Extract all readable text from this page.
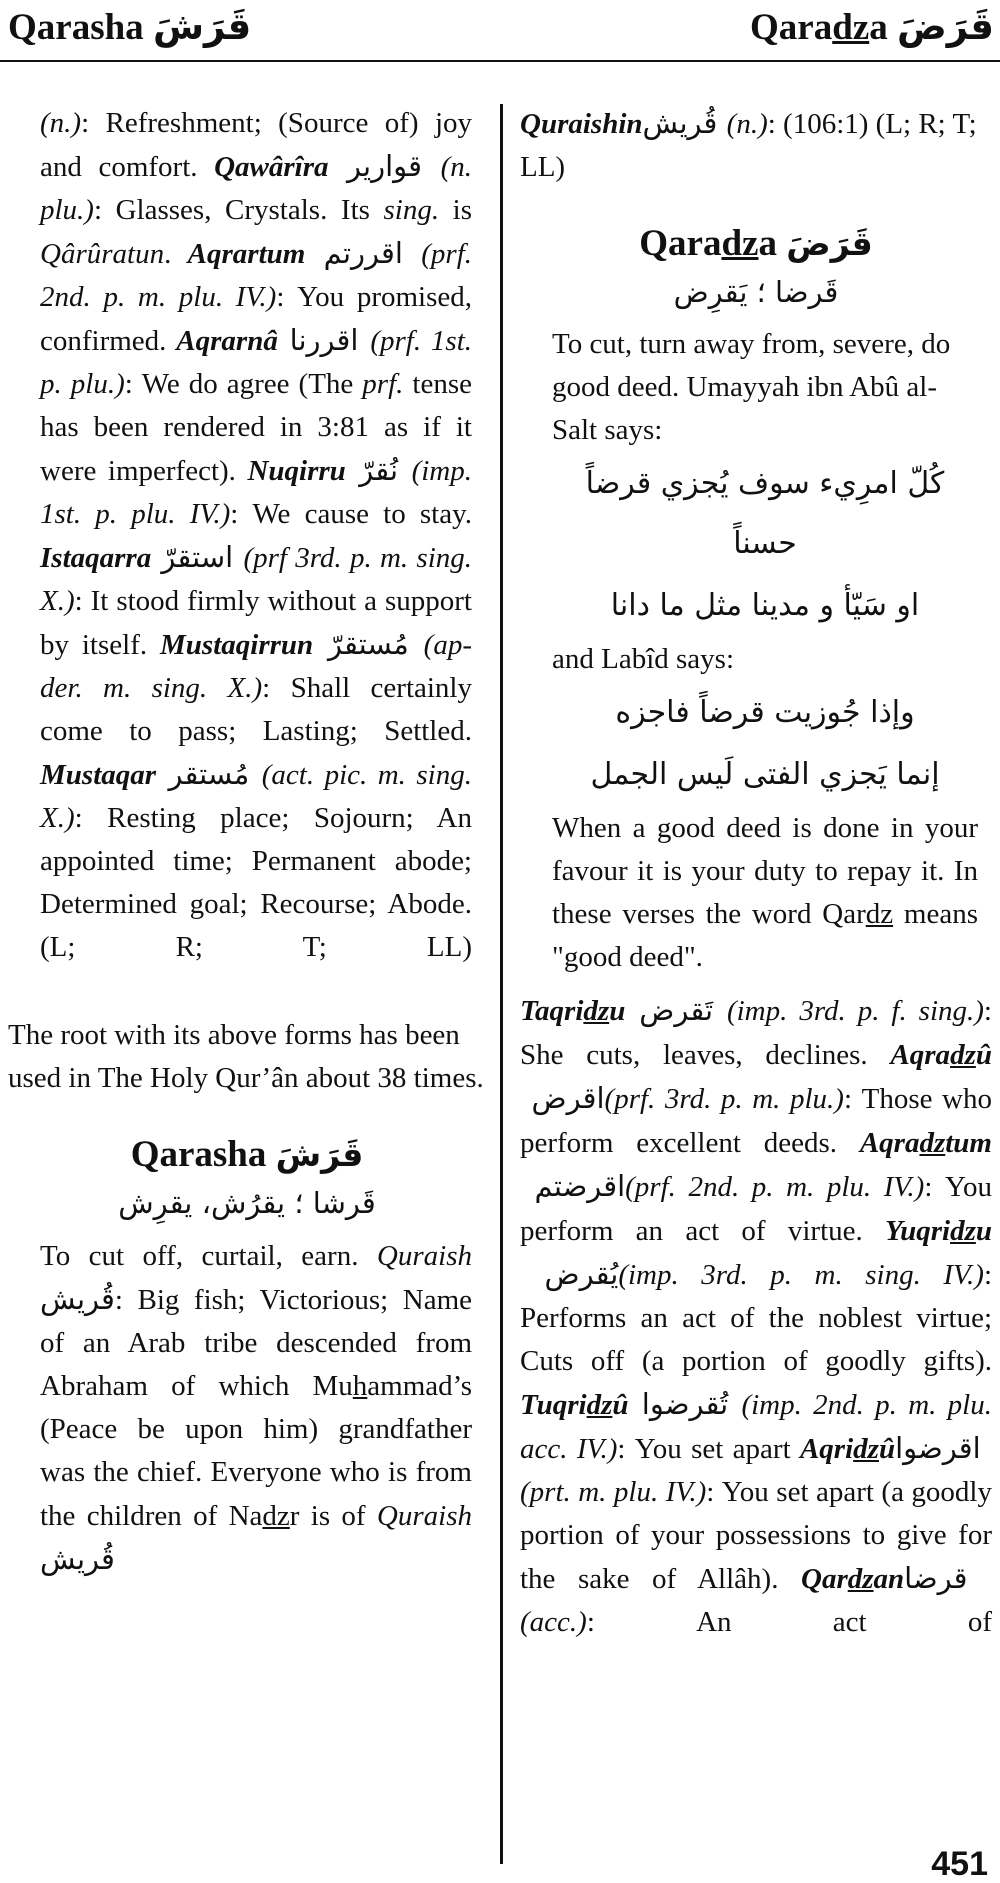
Qarasha قَرَشَ	Qaradza قَرَضَ

(n.): Refreshment; (Source of) joy and comfort. Qawârîra قوارير (n. plu.): Glasses, Crystals. Its sing. is Qârûratun. Aqrartum اقررتم (prf. 2nd. p. m. plu. IV.): You promised, confirmed. Aqrarnâ اقررنا (prf. 1st. p. plu.): We do agree (The prf. tense has been rendered in 3:81 as if it were imperfect). Nuqirru نُقرّ (imp. 1st. p. plu. IV.): We cause to stay. Istaqarra استقرّ (prf 3rd. p. m. sing. X.): It stood firmly without a support by itself. Mustaqirrun مُستقرّ (ap-der. m. sing. X.): Shall certainly come to pass; Lasting; Settled. Mustaqar مُستقر (act. pic. m. sing. X.): Resting place; Sojourn; An appointed time; Permanent abode; Determined goal; Recourse; Abode. (L; R; T; LL)

The root with its above forms has been used in The Holy Qur’ân about 38 times.

Qarasha قَرَشَ
قَرشا ؛ يقرُش، يقرِش

To cut off, curtail, earn. Quraish قُريش: Big fish; Victorious; Name of an Arab tribe descended from Abraham of which Muhammad’s (Peace be upon him) grandfather was the chief. Everyone who is from the children of Nadzr is of Quraish قُريش

Quraishin قُريش(n.): (106:1) (L; R; T; LL)

Qaradza قَرَضَ
قَرضا ؛ يَقرِض

To cut, turn away from, severe, do good deed. Umayyah ibn Abû al-Salt says:

كُلّ امرِيء سوف يُجزي قرضاً حسناً
او سَيّأ و مدينا مثل ما دانا

and Labîd says:

وإذا جُوزيت قرضاً فاجزه
إنما يَجزي الفتى لَيس الجمل

When a good deed is done in your favour it is your duty to repay it. In these verses the word Qardz means "good deed".

Taqridzu تَقرض (imp. 3rd. p. f. sing.): She cuts, leaves, declines. Aqradzû اقرض (prf. 3rd. p. m. plu.): Those who perform excellent deeds. Aqradztum اقرضتم (prf. 2nd. p. m. plu. IV.): You perform an act of virtue. Yuqridzu يُقرض (imp. 3rd. p. m. sing. IV.): Performs an act of the noblest virtue; Cuts off (a portion of goodly gifts). Tuqridzû تُقرضوا (imp. 2nd. p. m. plu. acc. IV.): You set apart Aqridzû اقرضوا (prt. m. plu. IV.): You set apart (a goodly portion of your possessions to give for the sake of Allâh). Qardzan قرضا (acc.): An act of

451
